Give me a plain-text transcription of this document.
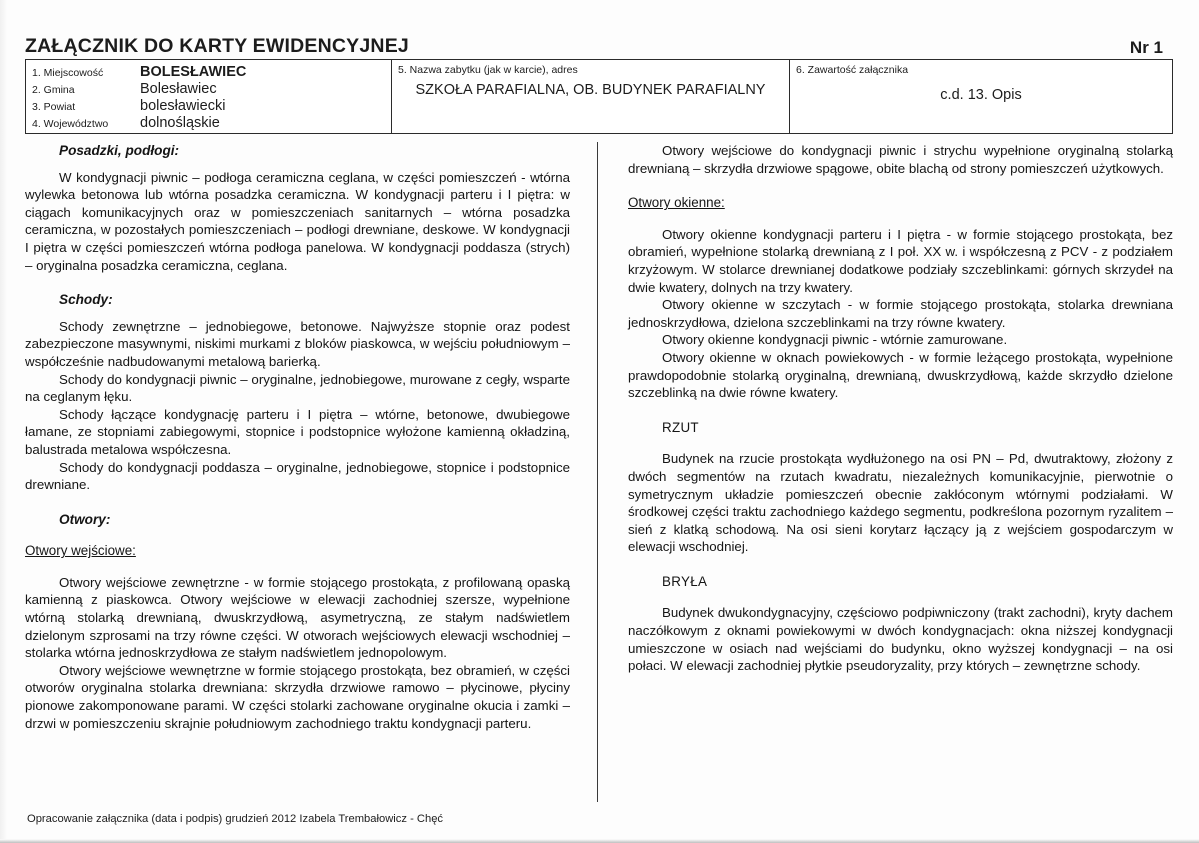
ZAŁĄCZNIK DO KARTY EWIDENCYJNEJ	Nr 1
1. Miejscowość	BOLESŁAWIEC
2. Gmina	Bolesławiec
3. Powiat	bolesławiecki
4. Województwo	dolnośląskie
5. Nazwa zabytku (jak w karcie), adres
SZKOŁA PARAFIALNA, OB. BUDYNEK PARAFIALNY
6. Zawartość załącznika
c.d. 13. Opis
Posadzki, podłogi:

W kondygnacji piwnic – podłoga ceramiczna ceglana, w części pomieszczeń - wtórna wylewka betonowa lub wtórna posadzka ceramiczna. W kondygnacji parteru i I piętra: w ciągach komunikacyjnych oraz w pomieszczeniach sanitarnych – wtórna posadzka ceramiczna, w pozostałych pomieszczeniach – podłogi drewniane, deskowe. W kondygnacji I piętra w części pomieszczeń wtórna podłoga panelowa. W kondygnacji poddasza (strych) – oryginalna posadzka ceramiczna, ceglana.

Schody:

Schody zewnętrzne – jednobiegowe, betonowe. Najwyższe stopnie oraz podest zabezpieczone masywnymi, niskimi murkami z bloków piaskowca, w wejściu południowym – współcześnie nadbudowanymi metalową barierką.

Schody do kondygnacji piwnic – oryginalne, jednobiegowe, murowane z cegły, wsparte na ceglanym łęku.

Schody łączące kondygnację parteru i I piętra – wtórne, betonowe, dwubiegowe łamane, ze stopniami zabiegowymi, stopnice i podstopnice wyłożone kamienną okładziną, balustrada metalowa współczesna.

Schody do kondygnacji poddasza – oryginalne, jednobiegowe, stopnice i podstopnice drewniane.

Otwory:
Otwory wejściowe:

Otwory wejściowe zewnętrzne - w formie stojącego prostokąta, z profilowaną opaską kamienną z piaskowca. Otwory wejściowe w elewacji zachodniej szersze, wypełnione wtórną stolarką drewnianą, dwuskrzydłową, asymetryczną, ze stałym nadświetlem dzielonym szprosami na trzy równe części. W otworach wejściowych elewacji wschodniej – stolarka wtórna jednoskrzydłowa ze stałym nadświetlem jednopolowym.

Otwory wejściowe wewnętrzne w formie stojącego prostokąta, bez obramień, w części otworów oryginalna stolarka drewniana: skrzydła drzwiowe ramowo – płycinowe, płyciny pionowe zakomponowane parami. W części stolarki zachowane oryginalne okucia i zamki – drzwi w pomieszczeniu skrajnie południowym zachodniego traktu kondygnacji parteru.

Otwory wejściowe do kondygnacji piwnic i strychu wypełnione oryginalną stolarką drewnianą – skrzydła drzwiowe spągowe, obite blachą od strony pomieszczeń użytkowych.

Otwory okienne:

Otwory okienne kondygnacji parteru i I piętra - w formie stojącego prostokąta, bez obramień, wypełnione stolarką drewnianą z I poł. XX w. i współczesną z PCV - z podziałem krzyżowym. W stolarce drewnianej dodatkowe podziały szczeblinkami: górnych skrzydeł na dwie kwatery, dolnych na trzy kwatery.

Otwory okienne w szczytach - w formie stojącego prostokąta, stolarka drewniana jednoskrzydłowa, dzielona szczeblinkami na trzy równe kwatery.

Otwory okienne kondygnacji piwnic - wtórnie zamurowane.

Otwory okienne w oknach powiekowych - w formie leżącego prostokąta, wypełnione prawdopodobnie stolarką oryginalną, drewnianą, dwuskrzydłową, każde skrzydło dzielone szczeblinką na dwie równe kwatery.

RZUT

Budynek na rzucie prostokąta wydłużonego na osi PN – Pd, dwutraktowy, złożony z dwóch segmentów na rzutach kwadratu, niezależnych komunikacyjnie, pierwotnie o symetrycznym układzie pomieszczeń obecnie zakłóconym wtórnymi podziałami. W środkowej części traktu zachodniego każdego segmentu, podkreślona pozornym ryzalitem – sień z klatką schodową. Na osi sieni korytarz łączący ją z wejściem gospodarczym w elewacji wschodniej.

BRYŁA

Budynek dwukondygnacyjny, częściowo podpiwniczony (trakt zachodni), kryty dachem naczółkowym z oknami powiekowymi w dwóch kondygnacjach: okna niższej kondygnacji umieszczone w osiach nad wejściami do budynku, okno wyższej kondygnacji – na osi połaci. W elewacji zachodniej płytkie pseudoryzality, przy których – zewnętrzne schody.

Opracowanie załącznika (data i podpis) grudzień 2012 Izabela Trembałowicz - Chęć
